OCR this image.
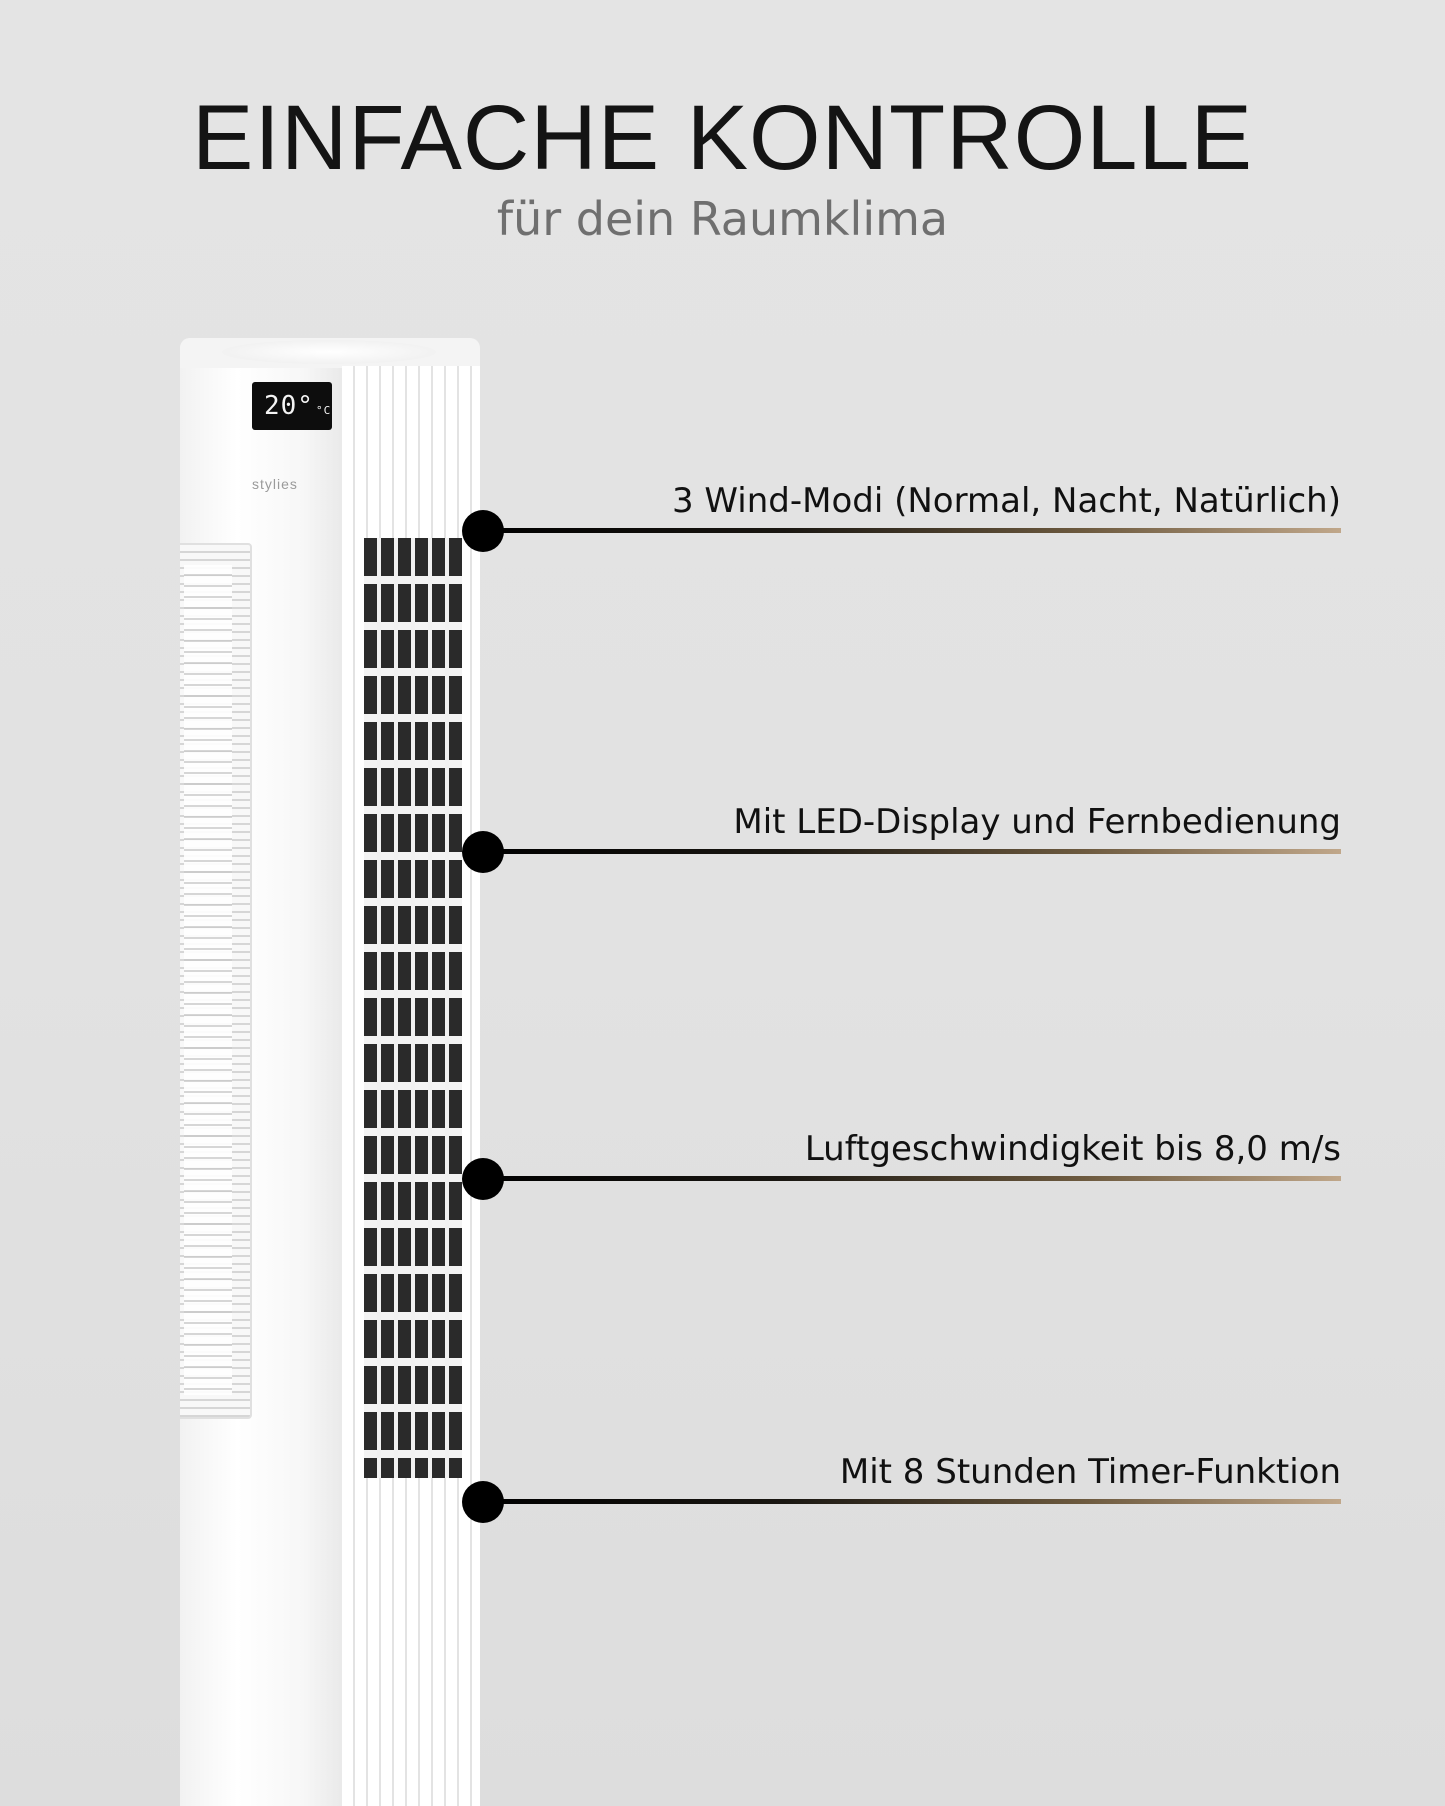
EINFACHE KONTROLLE

für dein Raumklima

20° °C
stylies	3 Wind-Modi (Normal, Nacht, Natürlich)

Mit LED-Display und Fernbedienung

Luftgeschwindigkeit bis 8,0 m/s

Mit 8 Stunden Timer-Funktion
